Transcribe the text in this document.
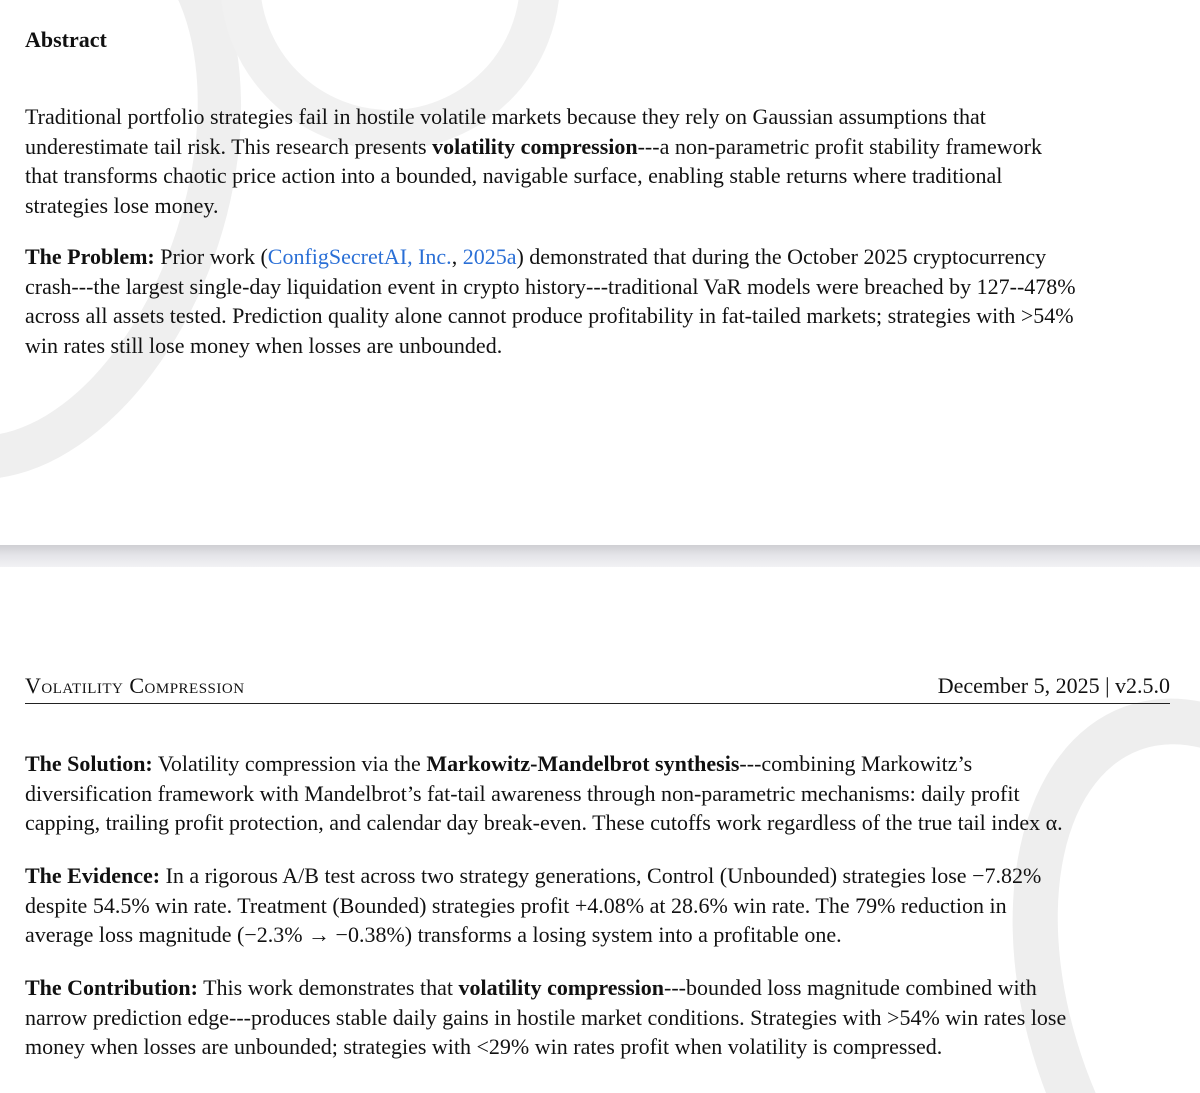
Abstract

Traditional portfolio strategies fail in hostile volatile markets because they rely on Gaussian assumptions that
underestimate tail risk. This research presents volatility compression---a non-parametric profit stability framework
that transforms chaotic price action into a bounded, navigable surface, enabling stable returns where traditional
strategies lose money.

The Problem: Prior work (ConfigSecretAI, Inc., 2025a) demonstrated that during the October 2025 cryptocurrency
crash---the largest single-day liquidation event in crypto history---traditional VaR models were breached by 127--478%
across all assets tested. Prediction quality alone cannot produce profitability in fat-tailed markets; strategies with >54%
win rates still lose money when losses are unbounded.

Volatility Compression	December 5, 2025 | v2.5.0

The Solution: Volatility compression via the Markowitz-Mandelbrot synthesis---combining Markowitz’s
diversification framework with Mandelbrot’s fat-tail awareness through non-parametric mechanisms: daily profit
capping, trailing profit protection, and calendar day break-even. These cutoffs work regardless of the true tail index α.

The Evidence: In a rigorous A/B test across two strategy generations, Control (Unbounded) strategies lose −7.82%
despite 54.5% win rate. Treatment (Bounded) strategies profit +4.08% at 28.6% win rate. The 79% reduction in
average loss magnitude (−2.3% → −0.38%) transforms a losing system into a profitable one.

The Contribution: This work demonstrates that volatility compression---bounded loss magnitude combined with
narrow prediction edge---produces stable daily gains in hostile market conditions. Strategies with >54% win rates lose
money when losses are unbounded; strategies with <29% win rates profit when volatility is compressed.
